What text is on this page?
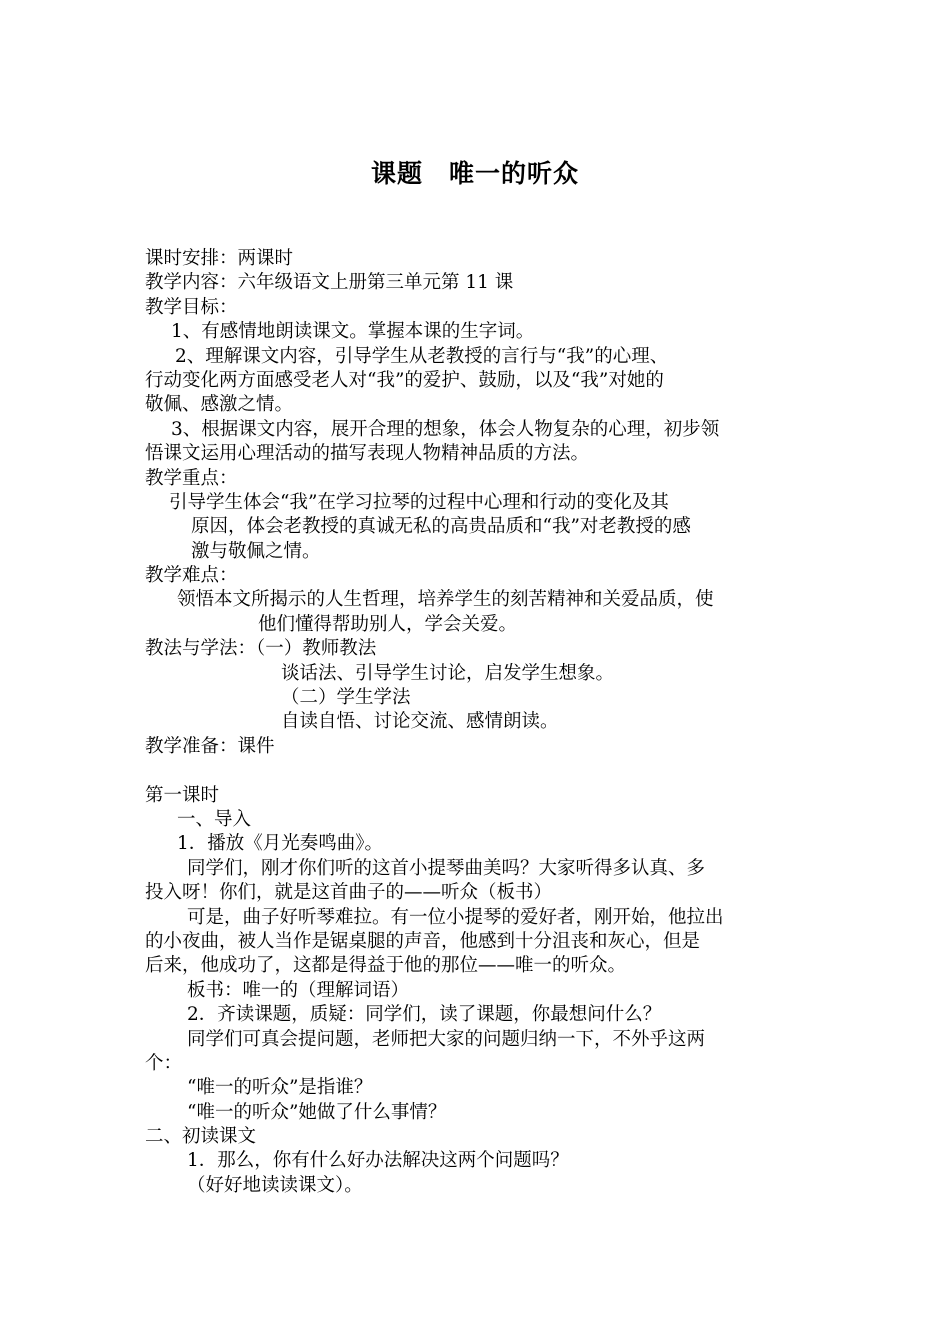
课题　唯一的听众
课时安排：两课时
教学内容：六年级语文上册第三单元第 11 课
教学目标：
1、有感情地朗读课文。掌握本课的生字词。
2、理解课文内容，引导学生从老教授的言行与“我”的心理、
行动变化两方面感受老人对“我”的爱护、鼓励，以及“我”对她的
敬佩、感激之情。
3、根据课文内容，展开合理的想象，体会人物复杂的心理，初步领
悟课文运用心理活动的描写表现人物精神品质的方法。
教学重点：
引导学生体会“我”在学习拉琴的过程中心理和行动的变化及其
原因，体会老教授的真诚无私的高贵品质和“我”对老教授的感
激与敬佩之情。
教学难点：
领悟本文所揭示的人生哲理，培养学生的刻苦精神和关爱品质，使
他们懂得帮助别人，学会关爱。
教法与学法：（一）教师教法
谈话法、引导学生讨论，启发学生想象。
（二）学生学法
自读自悟、讨论交流、感情朗读。
教学准备：课件
第一课时
一、导入
1．播放《月光奏鸣曲》。
同学们，刚才你们听的这首小提琴曲美吗？大家听得多认真、多
投入呀！你们，就是这首曲子的——听众（板书）
可是，曲子好听琴难拉。有一位小提琴的爱好者，刚开始，他拉出
的小夜曲，被人当作是锯桌腿的声音，他感到十分沮丧和灰心，但是
后来，他成功了，这都是得益于他的那位——唯一的听众。
板书：唯一的（理解词语）
2．齐读课题，质疑：同学们，读了课题，你最想问什么？
同学们可真会提问题，老师把大家的问题归纳一下，不外乎这两
个：
“唯一的听众”是指谁？
“唯一的听众”她做了什么事情？
二、初读课文
1．那么，你有什么好办法解决这两个问题吗？
（好好地读读课文）。
